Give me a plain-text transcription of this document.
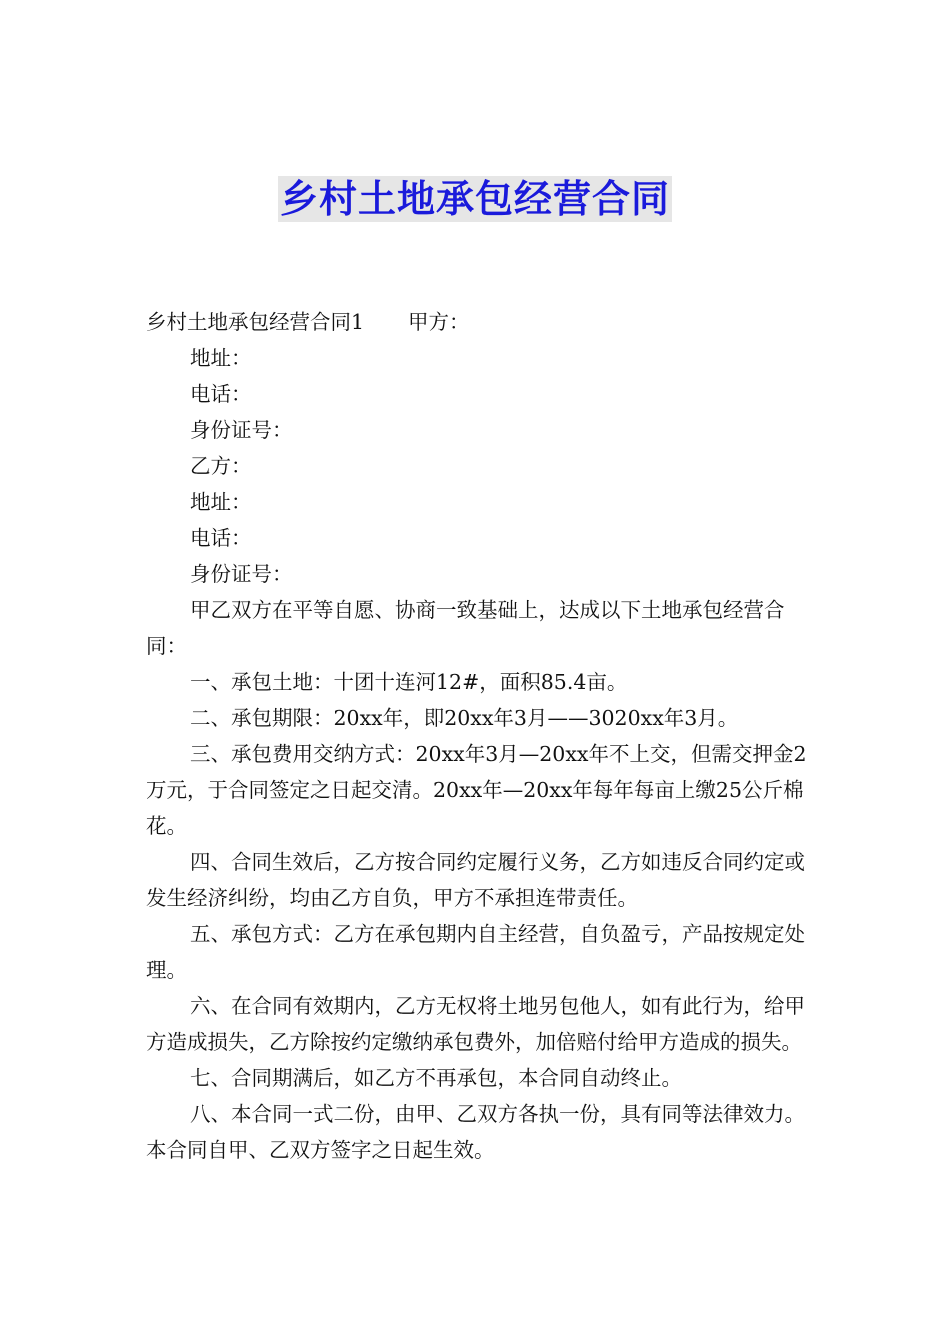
乡村土地承包经营合同

乡村土地承包经营合同1 甲方：

地址：

电话：

身份证号：

乙方：

地址：

电话：

身份证号：

甲乙双方在平等自愿、协商一致基础上，达成以下土地承包经营合同：

一、承包土地：十团十连河12#，面积85.4亩。

二、承包期限：20xx年，即20xx年3月——3020xx年3月。

三、承包费用交纳方式：20xx年3月—20xx年不上交，但需交押金2万元，于合同签定之日起交清。20xx年—20xx年每年每亩上缴25公斤棉花。

四、合同生效后，乙方按合同约定履行义务，乙方如违反合同约定或发生经济纠纷，均由乙方自负，甲方不承担连带责任。

五、承包方式：乙方在承包期内自主经营，自负盈亏，产品按规定处理。

六、在合同有效期内，乙方无权将土地另包他人，如有此行为，给甲方造成损失，乙方除按约定缴纳承包费外，加倍赔付给甲方造成的损失。

七、合同期满后，如乙方不再承包，本合同自动终止。

八、本合同一式二份，由甲、乙双方各执一份，具有同等法律效力。本合同自甲、乙双方签字之日起生效。
